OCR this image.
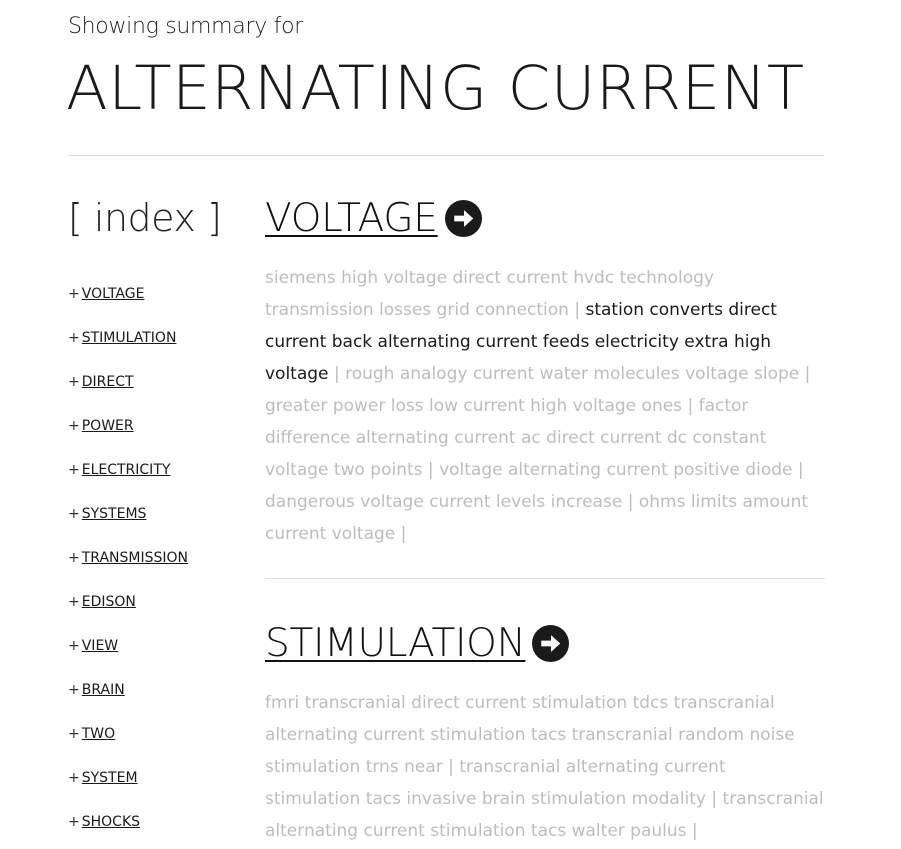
Showing summary for
ALTERNATING CURRENT
[ index ]
+ VOLTAGE
+ STIMULATION
+ DIRECT
+ POWER
+ ELECTRICITY
+ SYSTEMS
+ TRANSMISSION
+ EDISON
+ VIEW
+ BRAIN
+ TWO
+ SYSTEM
+ SHOCKS
VOLTAGE

siemens high voltage direct current hvdc technology transmission losses grid connection | station converts direct current back alternating current feeds electricity extra high voltage | rough analogy current water molecules voltage slope | greater power loss low current high voltage ones | factor difference alternating current ac direct current dc constant voltage two points | voltage alternating current positive diode | dangerous voltage current levels increase | ohms limits amount current voltage |

STIMULATION

fmri transcranial direct current stimulation tdcs transcranial alternating current stimulation tacs transcranial random noise stimulation trns near | transcranial alternating current stimulation tacs invasive brain stimulation modality | transcranial alternating current stimulation tacs walter paulus |
